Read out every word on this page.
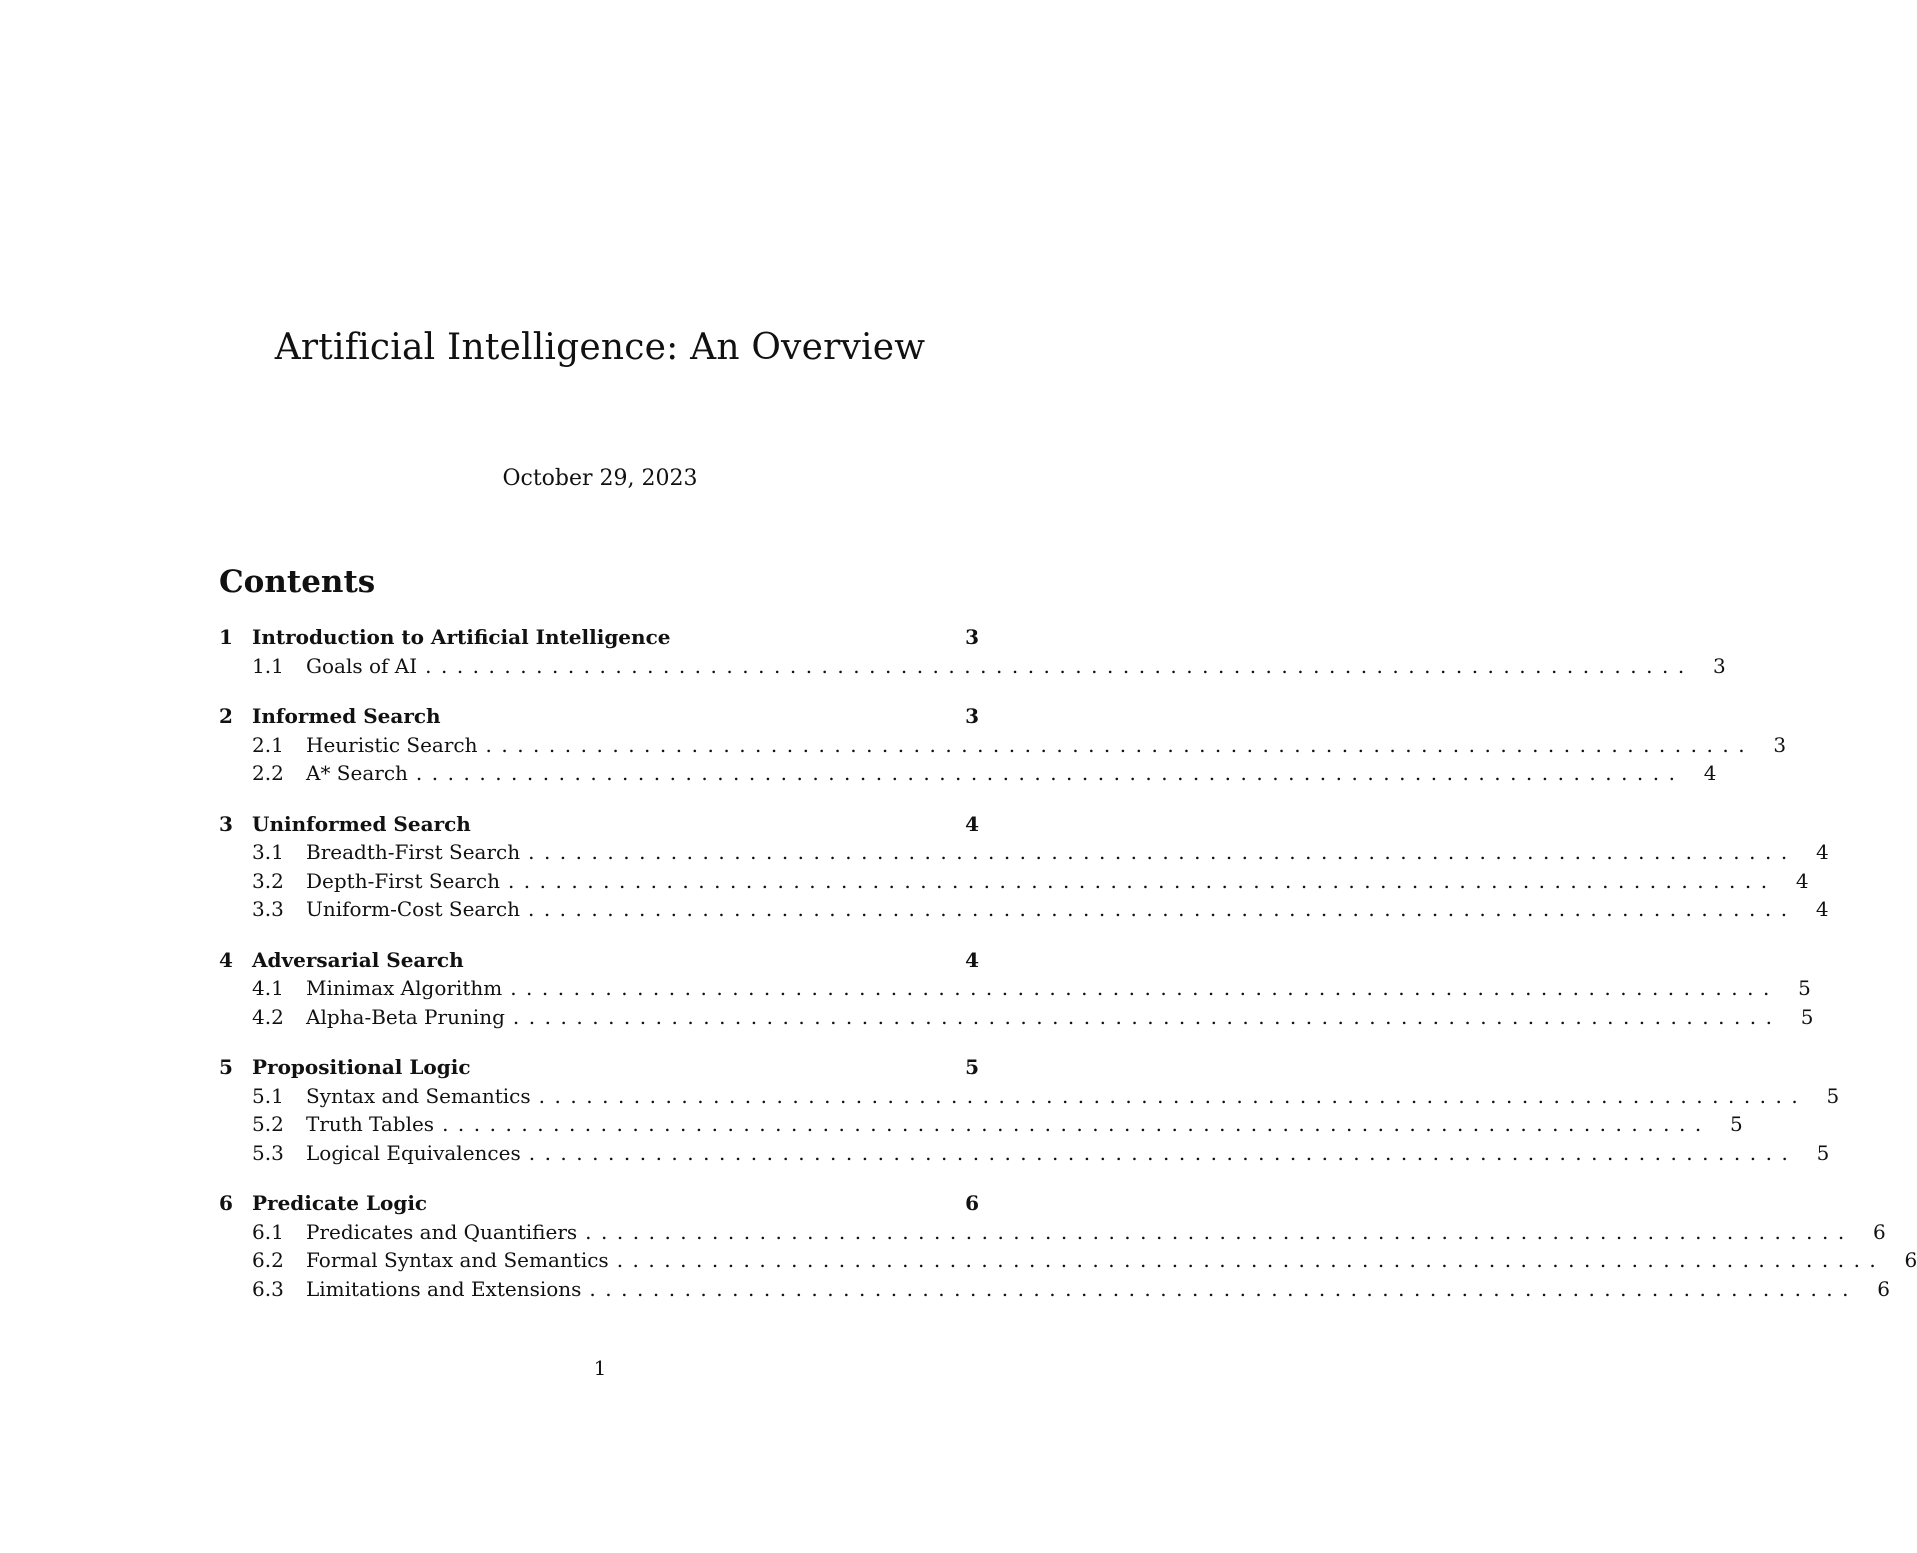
Artificial Intelligence: An Overview
October 29, 2023
Contents
1 Introduction to Artificial Intelligence	3
1.1	Goals of AI ................................................................................ 3
2 Informed Search	3
2.1	Heuristic Search ................................................................................ 3
2.2	A* Search ................................................................................ 4
3 Uninformed Search	4
3.1	Breadth-First Search ................................................................................ 4
3.2	Depth-First Search ................................................................................ 4
3.3	Uniform-Cost Search ................................................................................ 4
4 Adversarial Search	4
4.1	Minimax Algorithm ................................................................................ 5
4.2	Alpha-Beta Pruning ................................................................................ 5
5 Propositional Logic	5
5.1	Syntax and Semantics ................................................................................ 5
5.2	Truth Tables ................................................................................ 5
5.3	Logical Equivalences ................................................................................ 5
6 Predicate Logic	6
6.1	Predicates and Quantifiers ................................................................................ 6
6.2	Formal Syntax and Semantics ................................................................................ 6
6.3	Limitations and Extensions ................................................................................ 6
1
